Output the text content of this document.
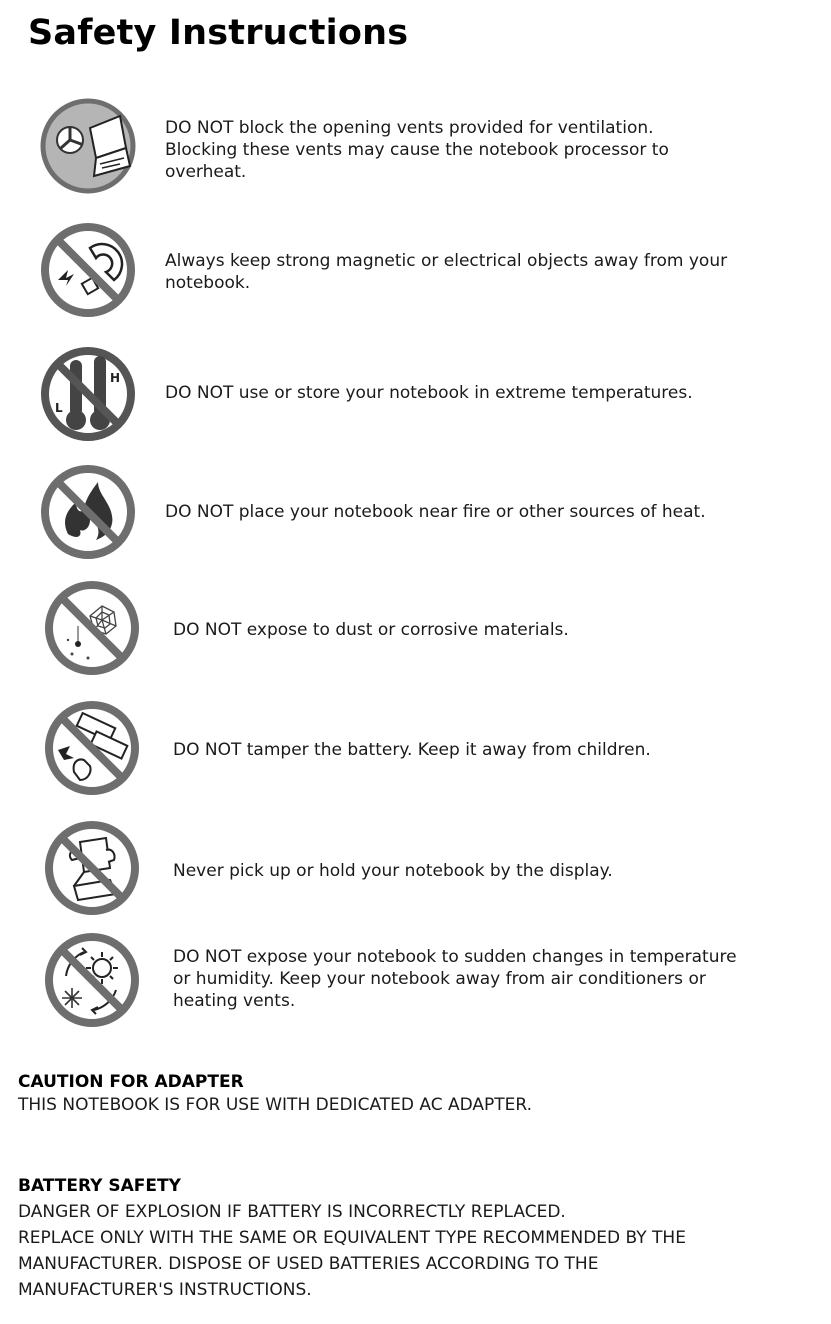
Safety Instructions
DO NOT block the opening vents provided for ventilation.
Blocking these vents may cause the notebook processor to
overheat.
Always keep strong magnetic or electrical objects away from your
notebook.
L
H
DO NOT use or store your notebook in extreme temperatures.
DO NOT place your notebook near fire or other sources of heat.
DO NOT expose to dust or corrosive materials.
DO NOT tamper the battery. Keep it away from children.
Never pick up or hold your notebook by the display.
DO NOT expose your notebook to sudden changes in temperature
or humidity. Keep your notebook away from air conditioners or
heating vents.
CAUTION FOR ADAPTER
THIS NOTEBOOK IS FOR USE WITH DEDICATED AC ADAPTER.
BATTERY SAFETY
DANGER OF EXPLOSION IF BATTERY IS INCORRECTLY REPLACED.
REPLACE ONLY WITH THE SAME OR EQUIVALENT TYPE RECOMMENDED BY THE
MANUFACTURER. DISPOSE OF USED BATTERIES ACCORDING TO THE
MANUFACTURER'S INSTRUCTIONS.
